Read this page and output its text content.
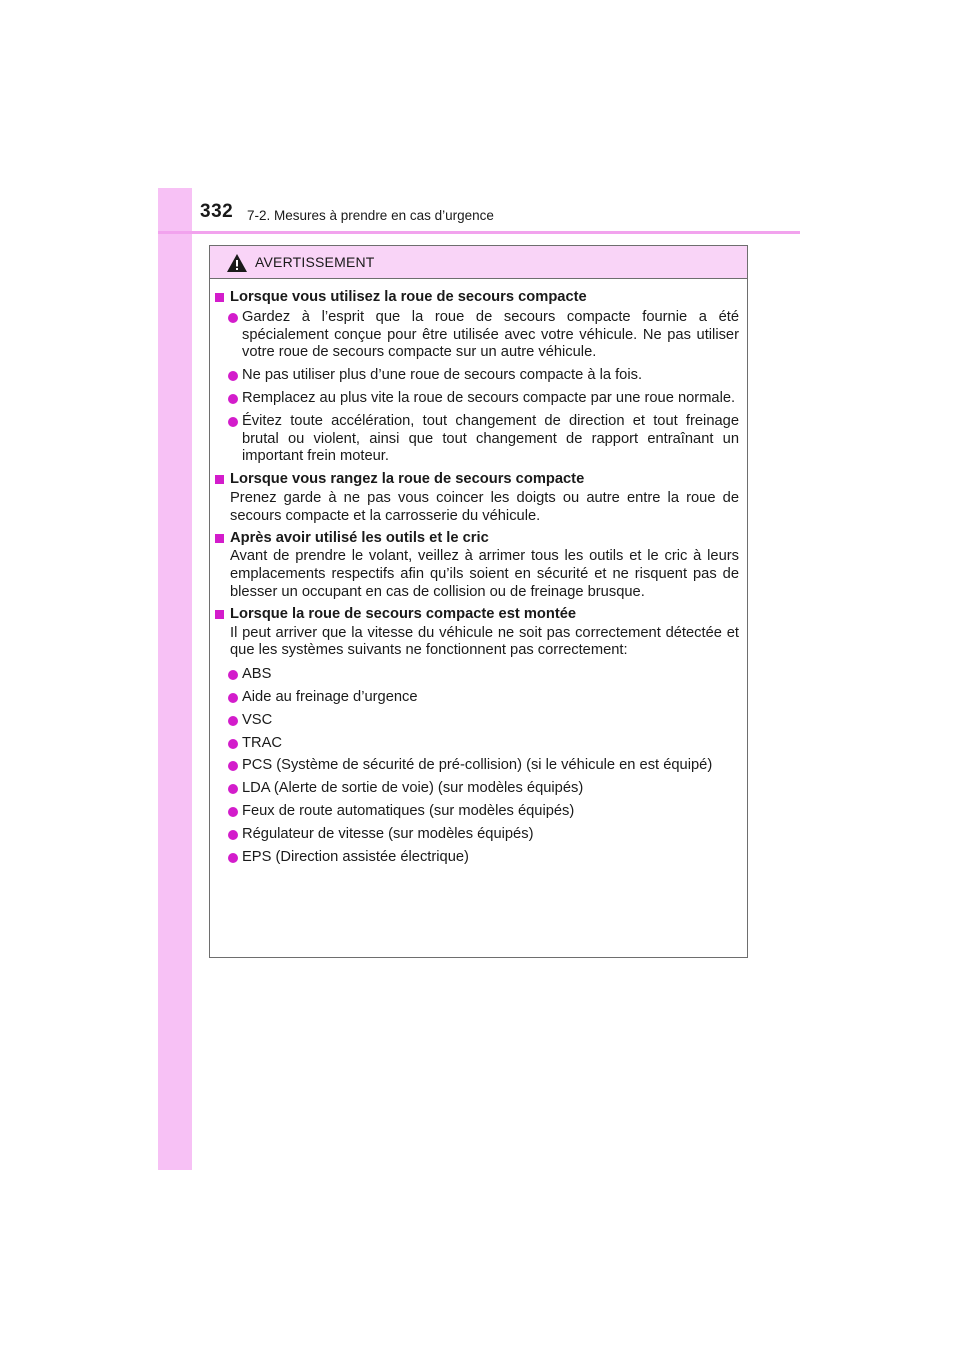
332 7-2. Mesures à prendre en cas d’urgence
AVERTISSEMENT
Lorsque vous utilisez la roue de secours compacte
Gardez à l’esprit que la roue de secours compacte fournie a été spécialement conçue pour être utilisée avec votre véhicule. Ne pas utiliser votre roue de secours compacte sur un autre véhicule.
Ne pas utiliser plus d’une roue de secours compacte à la fois.
Remplacez au plus vite la roue de secours compacte par une roue normale.
Évitez toute accélération, tout changement de direction et tout freinage brutal ou violent, ainsi que tout changement de rapport entraînant un important frein moteur.
Lorsque vous rangez la roue de secours compacte
Prenez garde à ne pas vous coincer les doigts ou autre entre la roue de secours compacte et la carrosserie du véhicule.
Après avoir utilisé les outils et le cric
Avant de prendre le volant, veillez à arrimer tous les outils et le cric à leurs emplacements respectifs afin qu’ils soient en sécurité et ne risquent pas de blesser un occupant en cas de collision ou de freinage brusque.
Lorsque la roue de secours compacte est montée
Il peut arriver que la vitesse du véhicule ne soit pas correctement détectée et que les systèmes suivants ne fonctionnent pas correctement:
ABS
Aide au freinage d’urgence
VSC
TRAC
PCS (Système de sécurité de pré-collision) (si le véhicule en est équipé)
LDA (Alerte de sortie de voie) (sur modèles équipés)
Feux de route automatiques (sur modèles équipés)
Régulateur de vitesse (sur modèles équipés)
EPS (Direction assistée électrique)
